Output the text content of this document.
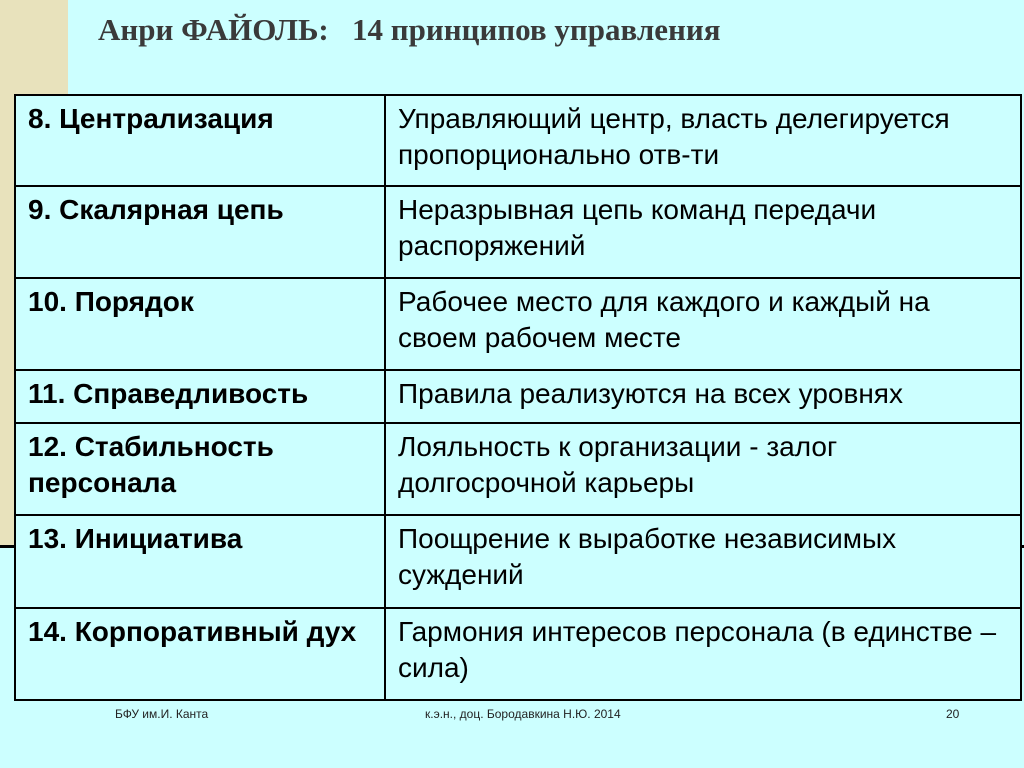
Анри ФАЙОЛЬ:   14 принципов управления
8. Централизация	Управляющий центр, власть делегируется пропорционально отв-ти
9. Скалярная цепь	Неразрывная цепь команд передачи распоряжений
10. Порядок	Рабочее место для каждого и каждый на своем рабочем месте
11. Справедливость	Правила реализуются на всех уровнях
12. Стабильность персонала	Лояльность к организации - залог долгосрочной карьеры
13. Инициатива	Поощрение к выработке независимых суждений
14. Корпоративный дух	Гармония интересов персонала (в единстве – сила)
БФУ им.И. Канта	к.э.н., доц. Бородавкина Н.Ю. 2014	20
